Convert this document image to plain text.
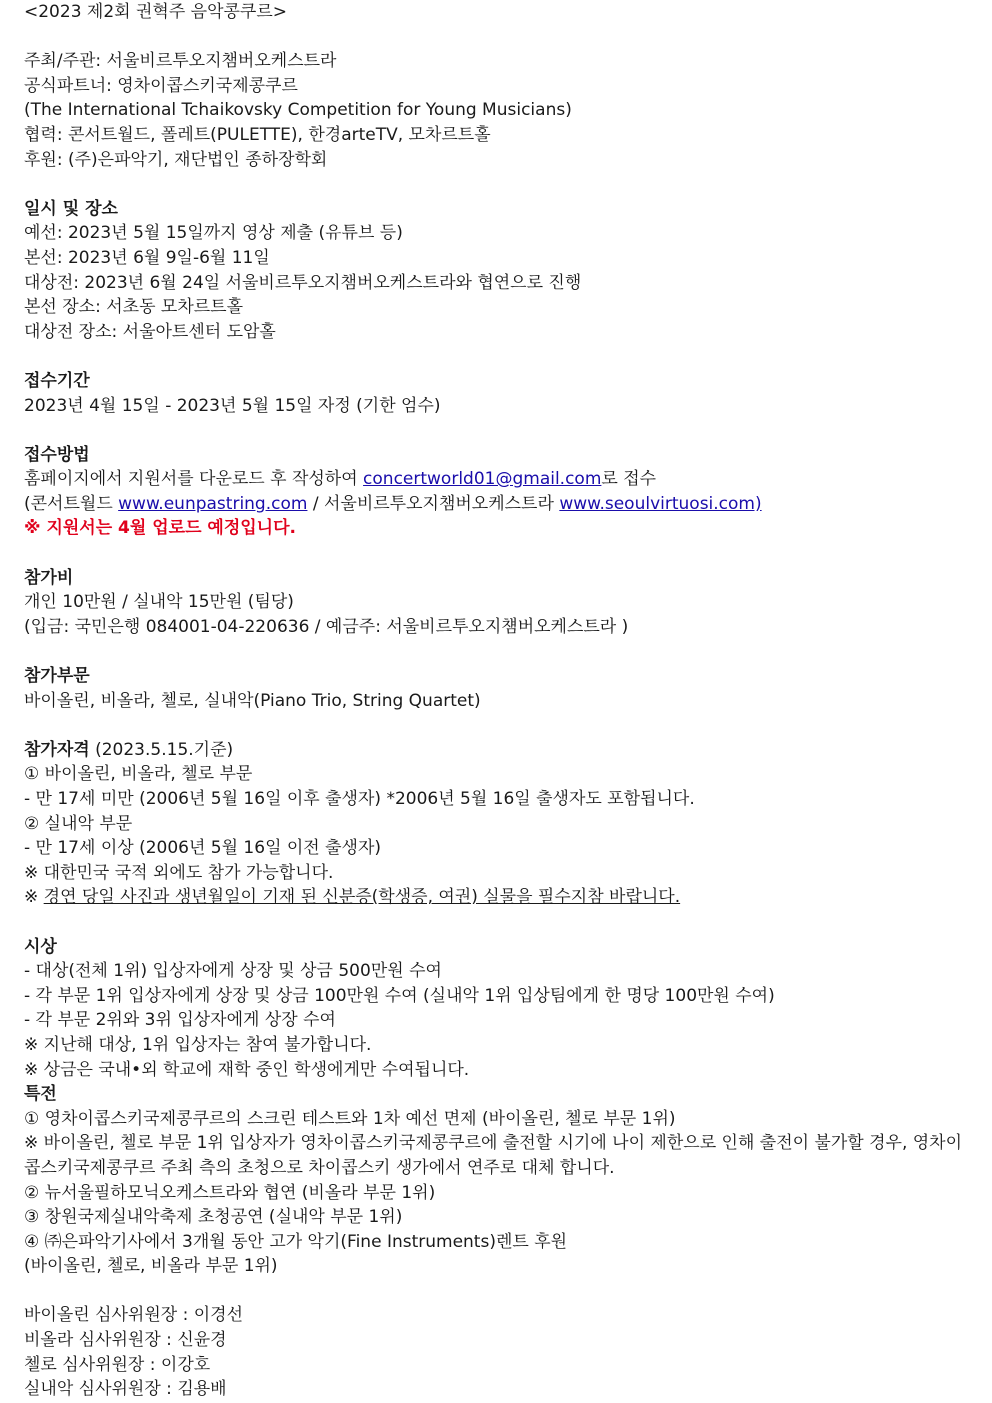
<2023 제2회 권혁주 음악콩쿠르>
주최/주관: 서울비르투오지챔버오케스트라
공식파트너: 영차이콥스키국제콩쿠르
(The International Tchaikovsky Competition for Young Musicians)
협력: 콘서트월드, 폴레트(PULETTE), 한경arteTV, 모차르트홀
후원: (주)은파악기, 재단법인 종하장학회
일시 및 장소
예선: 2023년 5월 15일까지 영상 제출 (유튜브 등)
본선: 2023년 6월 9일-6월 11일
대상전: 2023년 6월 24일 서울비르투오지챔버오케스트라와 협연으로 진행
본선 장소: 서초동 모차르트홀
대상전 장소: 서울아트센터 도암홀
접수기간
2023년 4월 15일 - 2023년 5월 15일 자정 (기한 엄수)
접수방법
홈페이지에서 지원서를 다운로드 후 작성하여 concertworld01@gmail.com로 접수
(콘서트월드 www.eunpastring.com / 서울비르투오지챔버오케스트라 www.seoulvirtuosi.com)
※ 지원서는 4월 업로드 예정입니다.
참가비
개인 10만원 / 실내악 15만원 (팀당)
(입금: 국민은행 084001-04-220636 / 예금주: 서울비르투오지첌버오케스트라 )
참가부문
바이올린, 비올라, 첼로, 실내악(Piano Trio, String Quartet)
참가자격 (2023.5.15.기준)
① 바이올린, 비올라, 첼로 부문
- 만 17세 미만 (2006년 5월 16일 이후 출생자) *2006년 5월 16일 출생자도 포함됩니다.
② 실내악 부문
- 만 17세 이상 (2006년 5월 16일 이전 출생자)
※ 대한민국 국적 외에도 참가 가능합니다.
※ 경연 당일 사진과 생년월일이 기재 된 신분증(학생증, 여권) 실물을 필수지참 바랍니다.
시상
- 대상(전체 1위) 입상자에게 상장 및 상금 500만원 수여
- 각 부문 1위 입상자에게 상장 및 상금 100만원 수여 (실내악 1위 입상팀에게 한 명당 100만원 수여)
- 각 부문 2위와 3위 입상자에게 상장 수여
※ 지난해 대상, 1위 입상자는 참여 불가합니다.
※ 상금은 국내•외 학교에 재학 중인 학생에게만 수여됩니다.
특전
① 영차이콥스키국제콩쿠르의 스크린 테스트와 1차 예선 면제 (바이올린, 첼로 부문 1위)
※ 바이올린, 첼로 부문 1위 입상자가 영차이콥스키국제콩쿠르에 출전할 시기에 나이 제한으로 인해 출전이 불가할 경우, 영차이콥스키국제콩쿠르 주최 측의 초청으로 차이콥스키 생가에서 연주로 대체 합니다.
② 뉴서울필하모닉오케스트라와 협연 (비올라 부문 1위)
③ 창원국제실내악축제 초청공연 (실내악 부문 1위)
④ ㈜은파악기사에서 3개월 동안 고가 악기(Fine Instruments)렌트 후원
(바이올린, 첼로, 비올라 부문 1위)
바이올린 심사위원장 : 이경선
비올라 심사위원장 : 신윤경
첼로 심사위원장 : 이강호
실내악 심사위원장 : 김용배
